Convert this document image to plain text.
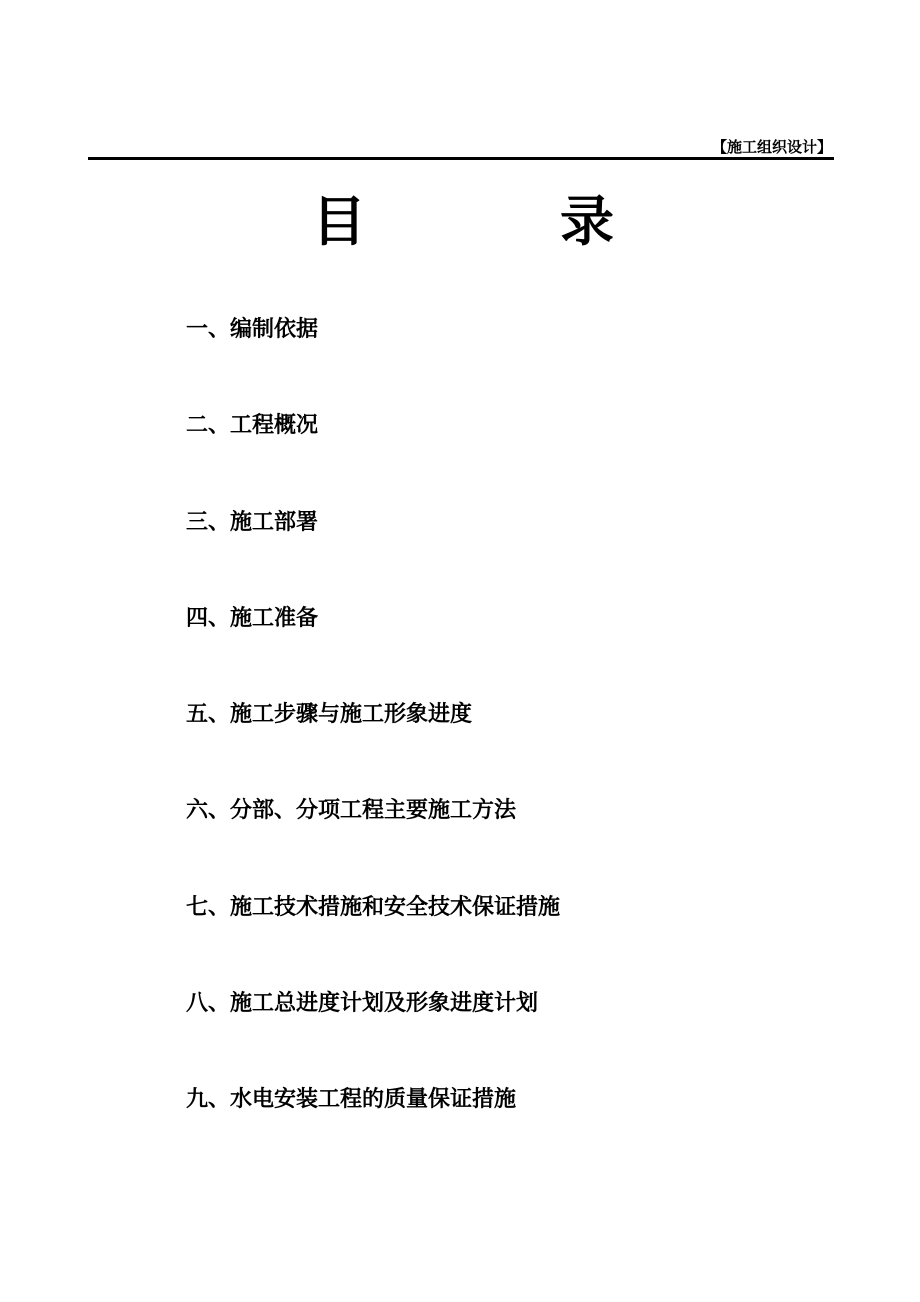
【施工组织设计】
目	录
一、编制依据
二、工程概况
三、施工部署
四、施工准备
五、施工步骤与施工形象进度
六、分部、分项工程主要施工方法
七、施工技术措施和安全技术保证措施
八、施工总进度计划及形象进度计划
九、水电安装工程的质量保证措施
